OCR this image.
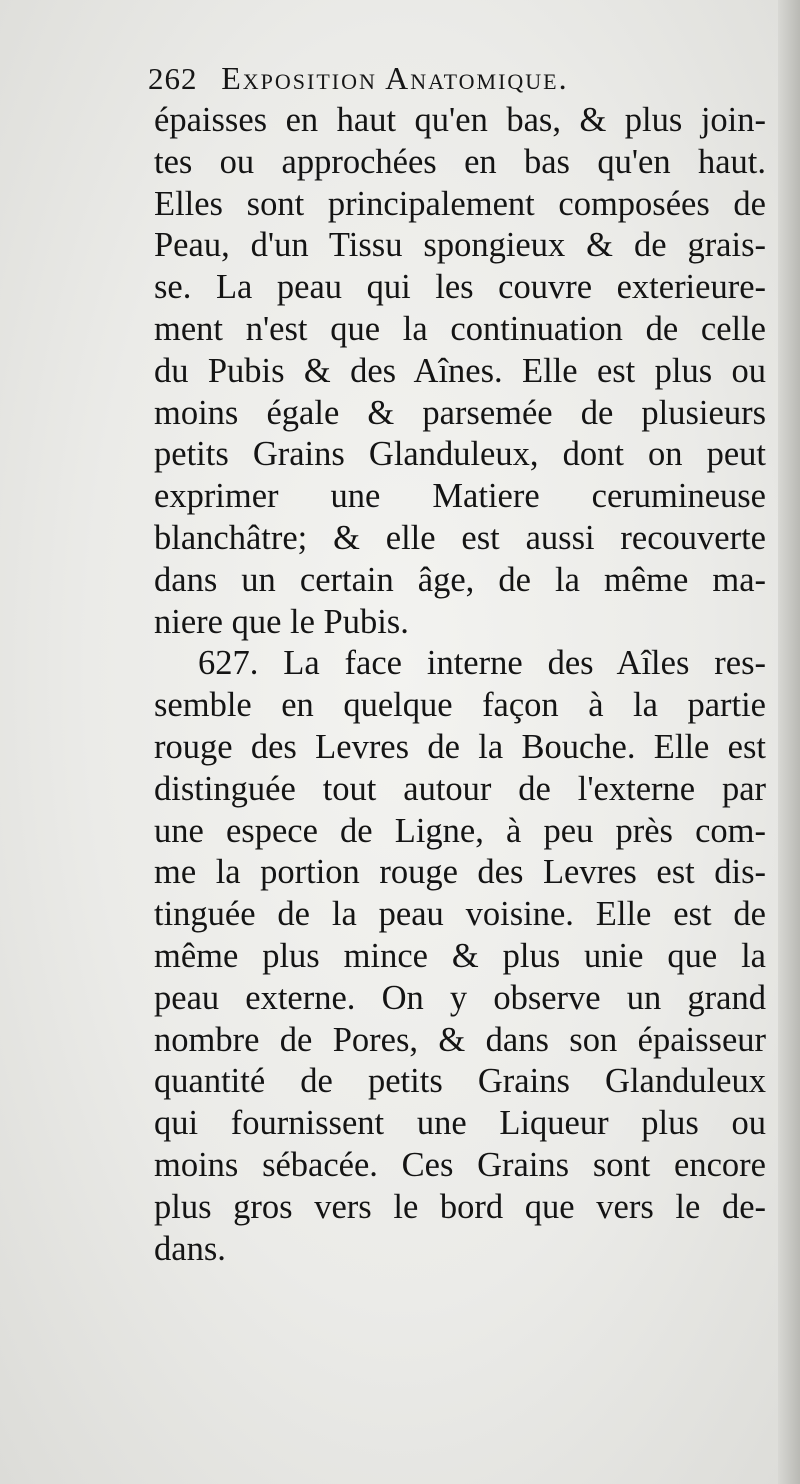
262 Exposition Anatomique.
épaisses en haut qu'en bas, & plus join-
tes ou approchées en bas qu'en haut.
Elles sont principalement composées de
Peau, d'un Tissu spongieux & de grais-
se. La peau qui les couvre exterieure-
ment n'est que la continuation de celle
du Pubis & des Aînes. Elle est plus ou
moins égale & parsemée de plusieurs
petits Grains Glanduleux, dont on peut
exprimer une Matiere cerumineuse
blanchâtre; & elle est aussi recouverte
dans un certain âge, de la même ma-
niere que le Pubis.
627. La face interne des Aîles res-
semble en quelque façon à la partie
rouge des Levres de la Bouche. Elle est
distinguée tout autour de l'externe par
une espece de Ligne, à peu près com-
me la portion rouge des Levres est dis-
tinguée de la peau voisine. Elle est de
même plus mince & plus unie que la
peau externe. On y observe un grand
nombre de Pores, & dans son épaisseur
quantité de petits Grains Glanduleux
qui fournissent une Liqueur plus ou
moins sébacée. Ces Grains sont encore
plus gros vers le bord que vers le de-
dans.
